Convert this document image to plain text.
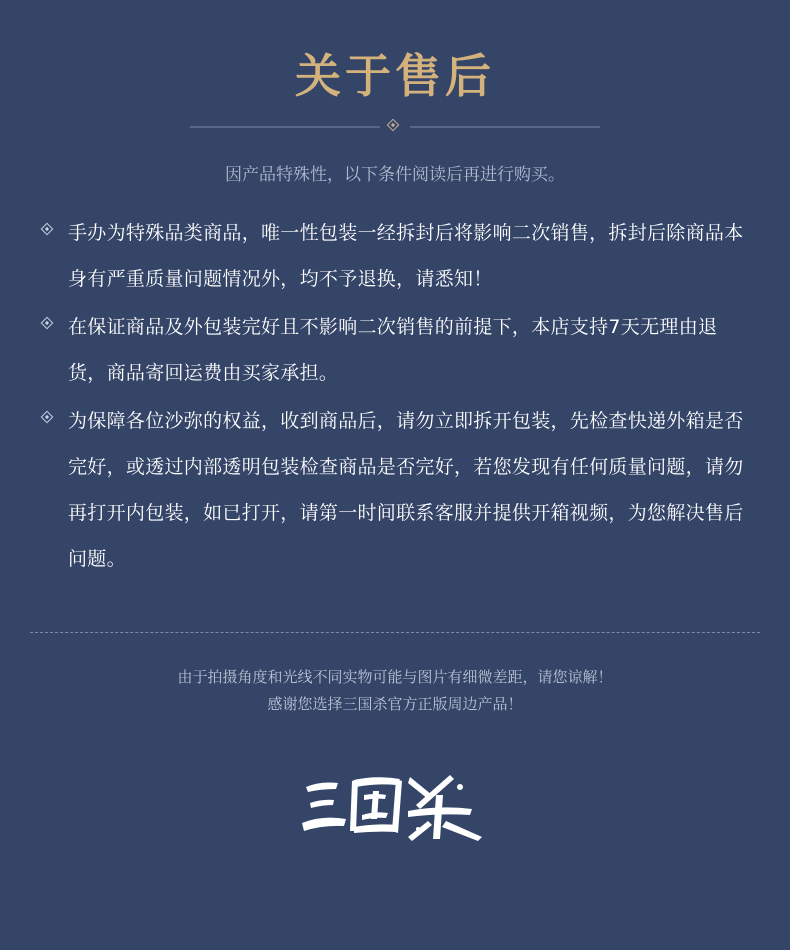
关于售后
因产品特殊性，以下条件阅读后再进行购买。
手办为特殊品类商品，唯一性包装一经拆封后将影响二次销售，拆封后除商品本身有严重质量问题情况外，均不予退换，请悉知！
在保证商品及外包装完好且不影响二次销售的前提下，本店支持7天无理由退货，商品寄回运费由买家承担。
为保障各位沙弥的权益，收到商品后，请勿立即拆开包装，先检查快递外箱是否完好，或透过内部透明包装检查商品是否完好，若您发现有任何质量问题，请勿再打开内包装，如已打开，请第一时间联系客服并提供开箱视频，为您解决售后问题。
由于拍摄角度和光线不同实物可能与图片有细微差距，请您谅解！
感谢您选择三国杀官方正版周边产品！
